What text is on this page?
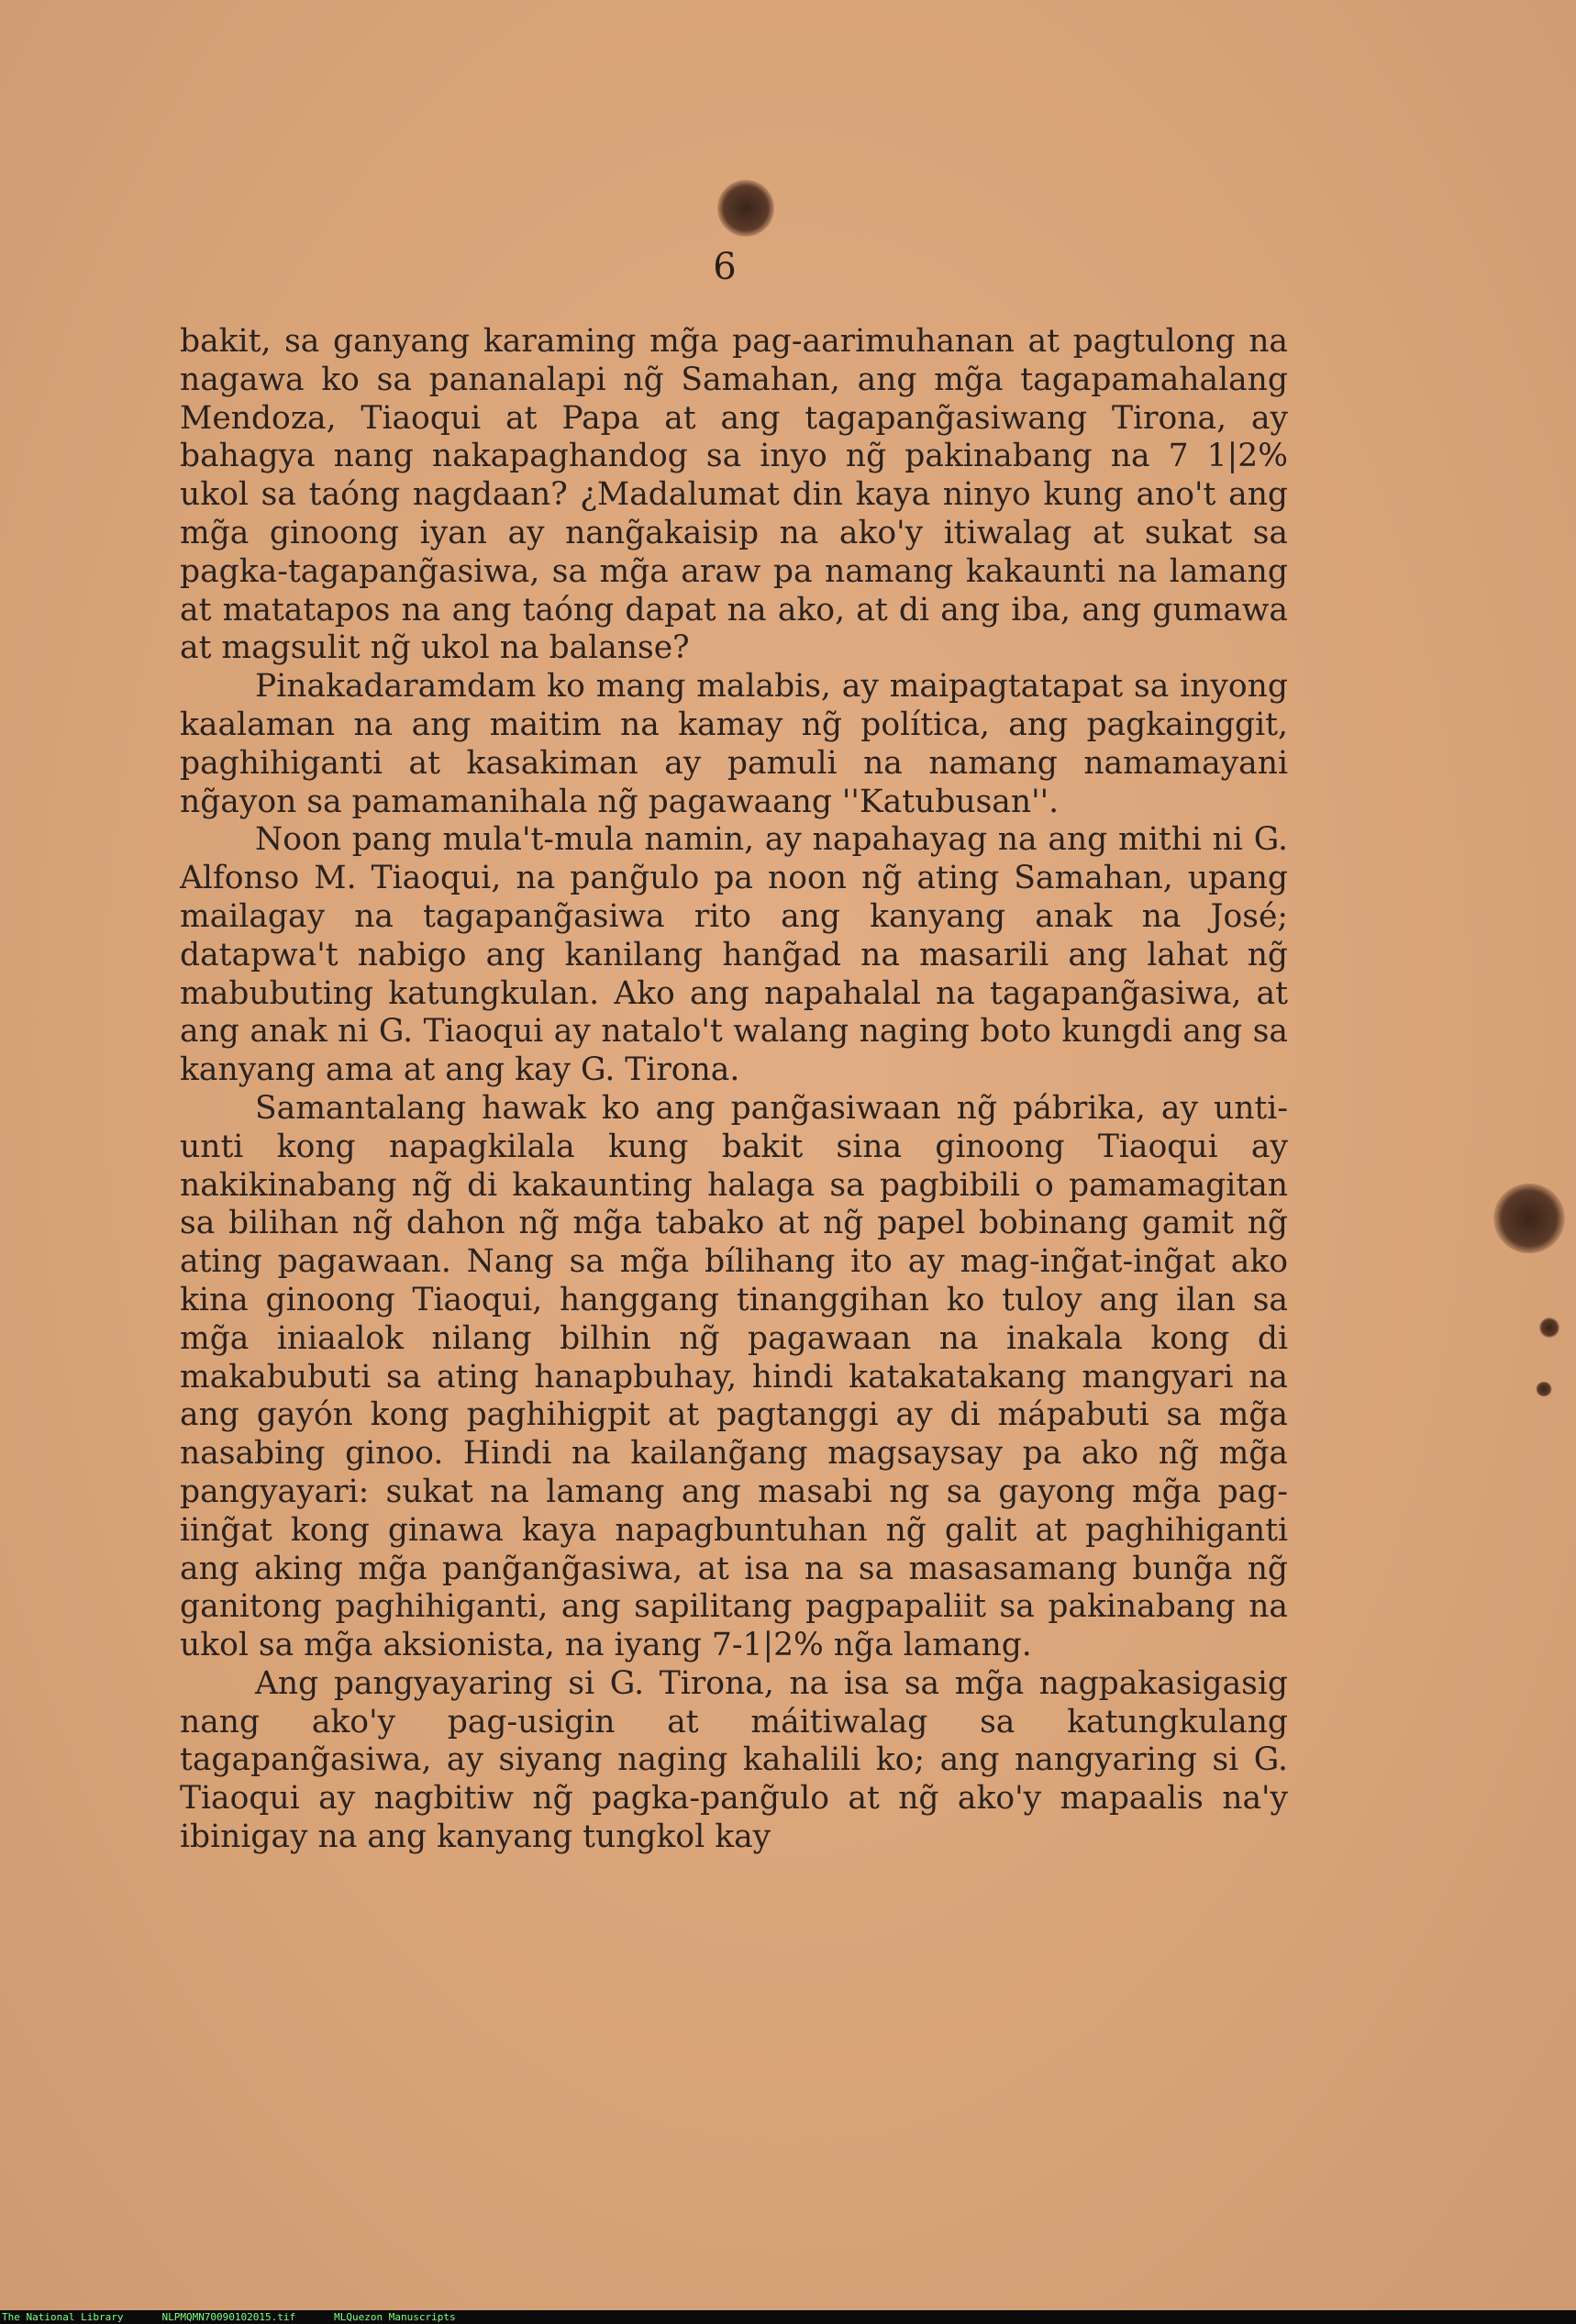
6

bakit, sa ganyang karaming mg̃a pag-aarimuhanan at pagtulong na nagawa ko sa pananalapi ng̃ Samahan, ang mg̃a tagapamahalang Mendoza, Tiaoqui at Papa at ang tagapang̃asiwang Tirona, ay bahagya nang nakapaghandog sa inyo ng̃ pakinabang na 7 1|2% ukol sa taóng nagdaan? ¿Madalumat din kaya ninyo kung ano't ang mg̃a ginoong iyan ay nang̃akaisip na ako'y itiwalag at sukat sa pagka-tagapang̃asiwa, sa mg̃a araw pa namang kakaunti na lamang at matatapos na ang taóng dapat na ako, at di ang iba, ang gumawa at magsulit ng̃ ukol na balanse?

Pinakadaramdam ko mang malabis, ay maipagtatapat sa inyong kaalaman na ang maitim na kamay ng̃ política, ang pagkainggit, paghihiganti at kasakiman ay pamuli na namang namamayani ng̃ayon sa pamamanihala ng̃ pagawaang ''Katubusan''.

Noon pang mula't-mula namin, ay napahayag na ang mithi ni G. Alfonso M. Tiaoqui, na pang̃ulo pa noon ng̃ ating Samahan, upang mailagay na tagapang̃asiwa rito ang kanyang anak na José; datapwa't nabigo ang kanilang hang̃ad na masarili ang lahat ng̃ mabubuting katungkulan. Ako ang napahalal na tagapang̃asiwa, at ang anak ni G. Tiaoqui ay natalo't walang naging boto kungdi ang sa kanyang ama at ang kay G. Tirona.

Samantalang hawak ko ang pang̃asiwaan ng̃ pábrika, ay unti-unti kong napagkilala kung bakit sina ginoong Tiaoqui ay nakikinabang ng̃ di kakaunting halaga sa pagbibili o pamamagitan sa bilihan ng̃ dahon ng̃ mg̃a tabako at ng̃ papel bobinang gamit ng̃ ating pagawaan. Nang sa mg̃a bílihang ito ay mag-ing̃at-ing̃at ako kina ginoong Tiaoqui, hanggang tinanggihan ko tuloy ang ilan sa mg̃a iniaalok nilang bilhin ng̃ pagawaan na inakala kong di makabubuti sa ating hanapbuhay, hindi katakatakang mangyari na ang gayón kong paghihigpit at pagtanggi ay di mápabuti sa mg̃a nasabing ginoo. Hindi na kailang̃ang magsaysay pa ako ng̃ mg̃a pangyayari: sukat na lamang ang masabi ng sa gayong mg̃a pag-iing̃at kong ginawa kaya napagbuntuhan ng̃ galit at paghihiganti ang aking mg̃a pang̃ang̃asiwa, at isa na sa masasamang bung̃a ng̃ ganitong paghihiganti, ang sapilitang pagpapaliit sa pakinabang na ukol sa mg̃a aksionista, na iyang 7-1|2% ng̃a lamang.

Ang pangyayaring si G. Tirona, na isa sa mg̃a nagpakasigasig nang ako'y pag-usigin at máitiwalag sa katungkulang tagapang̃asiwa, ay siyang naging kahalili ko; ang nangyaring si G. Tiaoqui ay nagbitiw ng̃ pagka-pang̃ulo at ng̃ ako'y mapaalis na'y ibinigay na ang kanyang tungkol kay

The National Library	NLPMQMN70090102015.tif	MLQuezon Manuscripts
